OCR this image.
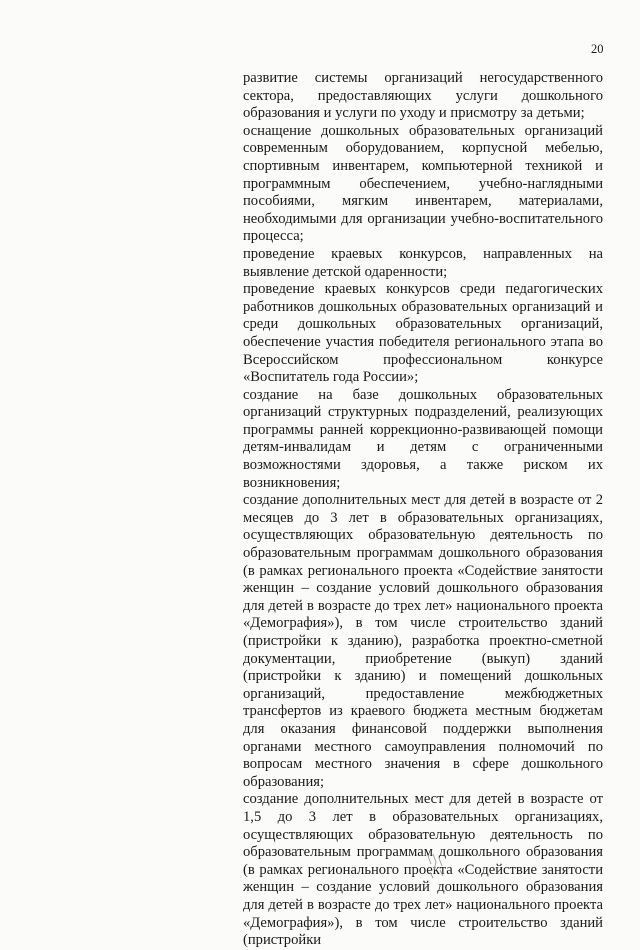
20

развитие системы организаций негосударственного сектора, предоставляющих услуги дошкольного образования и услуги по уходу и присмотру за детьми;

оснащение дошкольных образовательных организаций современным оборудованием, корпусной мебелью, спортивным инвентарем, компьютерной техникой и программным обеспечением, учебно-наглядными пособиями, мягким инвентарем, материалами, необходимыми для организации учебно-воспитательного процесса;

проведение краевых конкурсов, направленных на выявление детской одаренности;

проведение краевых конкурсов среди педагогических работников дошкольных образовательных организаций и среди дошкольных образовательных организаций, обеспечение участия победителя регионального этапа во Всероссийском профессиональном конкурсе «Воспитатель года России»;

создание на базе дошкольных образовательных организаций структурных подразделений, реализующих программы ранней коррекционно-развивающей помощи детям-инвалидам и детям с ограниченными возможностями здоровья, а также риском их возникновения;

создание дополнительных мест для детей в возрасте от 2 месяцев до 3 лет в образовательных организациях, осуществляющих образовательную деятельность по образовательным программам дошкольного образования (в рамках регионального проекта «Содействие занятости женщин – создание условий дошкольного образования для детей в возрасте до трех лет» национального проекта «Демография»), в том числе строительство зданий (пристройки к зданию), разработка проектно-сметной документации, приобретение (выкуп) зданий (пристройки к зданию) и помещений дошкольных организаций, предоставление межбюджетных трансфертов из краевого бюджета местным бюджетам для оказания финансовой поддержки выполнения органами местного самоуправления полномочий по вопросам местного значения в сфере дошкольного образования;

создание дополнительных мест для детей в возрасте от 1,5 до 3 лет в образовательных организациях, осуществляющих образовательную деятельность по образовательным программам дошкольного образования (в рамках регионального проекта «Содействие занятости женщин – создание условий дошкольного образования для детей в возрасте до трех лет» национального проекта «Демография»), в том числе строительство зданий (пристройки
